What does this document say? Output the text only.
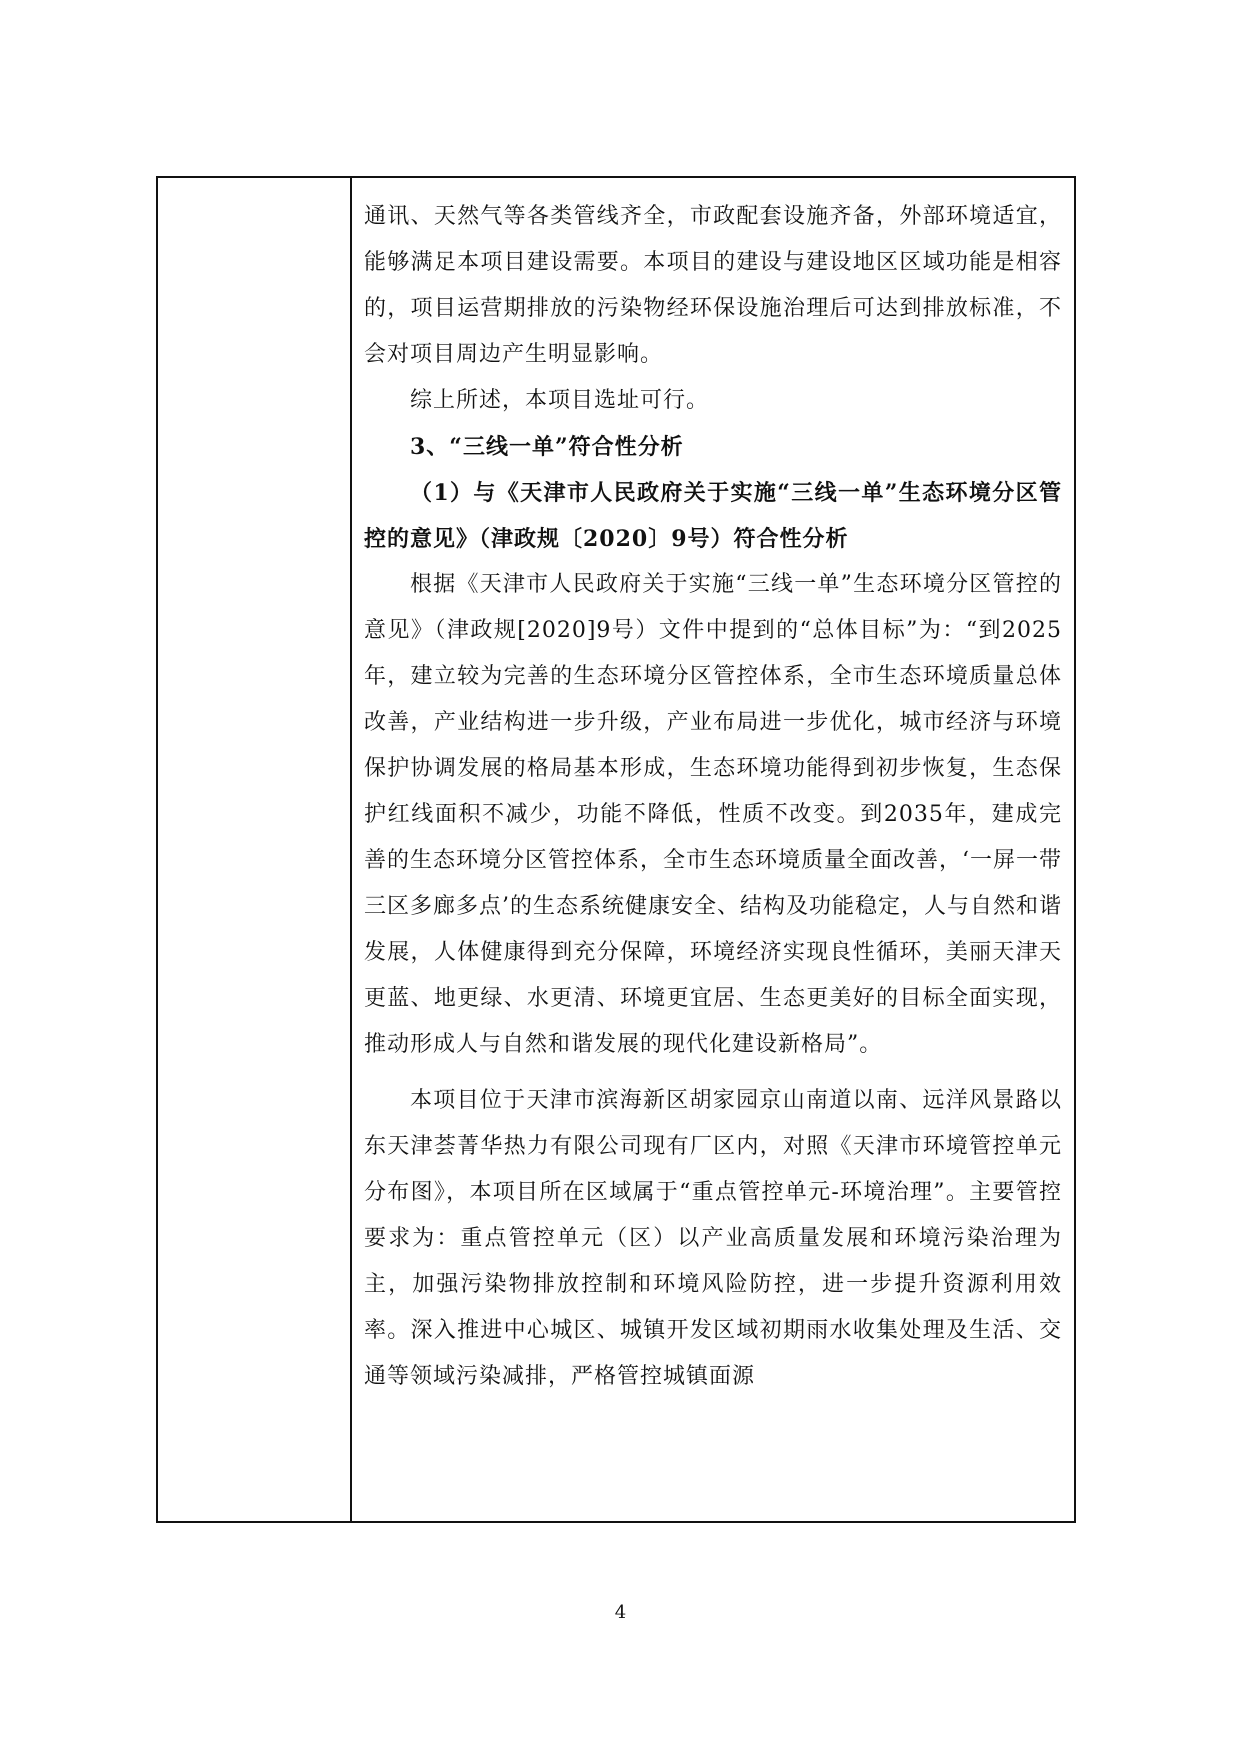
通讯、天然气等各类管线齐全，市政配套设施齐备，外部环境适宜，能够满足本项目建设需要。本项目的建设与建设地区区域功能是相容的，项目运营期排放的污染物经环保设施治理后可达到排放标准，不会对项目周边产生明显影响。

综上所述，本项目选址可行。

3、“三线一单”符合性分析

（1）与《天津市人民政府关于实施“三线一单”生态环境分区管控的意见》（津政规〔2020〕9号）符合性分析

根据《天津市人民政府关于实施“三线一单”生态环境分区管控的意见》（津政规[2020]9号）文件中提到的“总体目标”为：“到2025年，建立较为完善的生态环境分区管控体系，全市生态环境质量总体改善，产业结构进一步升级，产业布局进一步优化，城市经济与环境保护协调发展的格局基本形成，生态环境功能得到初步恢复，生态保护红线面积不减少，功能不降低，性质不改变。到2035年，建成完善的生态环境分区管控体系，全市生态环境质量全面改善，‘一屏一带三区多廊多点’的生态系统健康安全、结构及功能稳定，人与自然和谐发展，人体健康得到充分保障，环境经济实现良性循环，美丽天津天更蓝、地更绿、水更清、环境更宜居、生态更美好的目标全面实现，推动形成人与自然和谐发展的现代化建设新格局”。

本项目位于天津市滨海新区胡家园京山南道以南、远洋风景路以东天津荟菁华热力有限公司现有厂区内，对照《天津市环境管控单元分布图》，本项目所在区域属于“重点管控单元-环境治理”。主要管控要求为：重点管控单元（区）以产业高质量发展和环境污染治理为主，加强污染物排放控制和环境风险防控，进一步提升资源利用效率。深入推进中心城区、城镇开发区域初期雨水收集处理及生活、交通等领域污染减排，严格管控城镇面源

4
